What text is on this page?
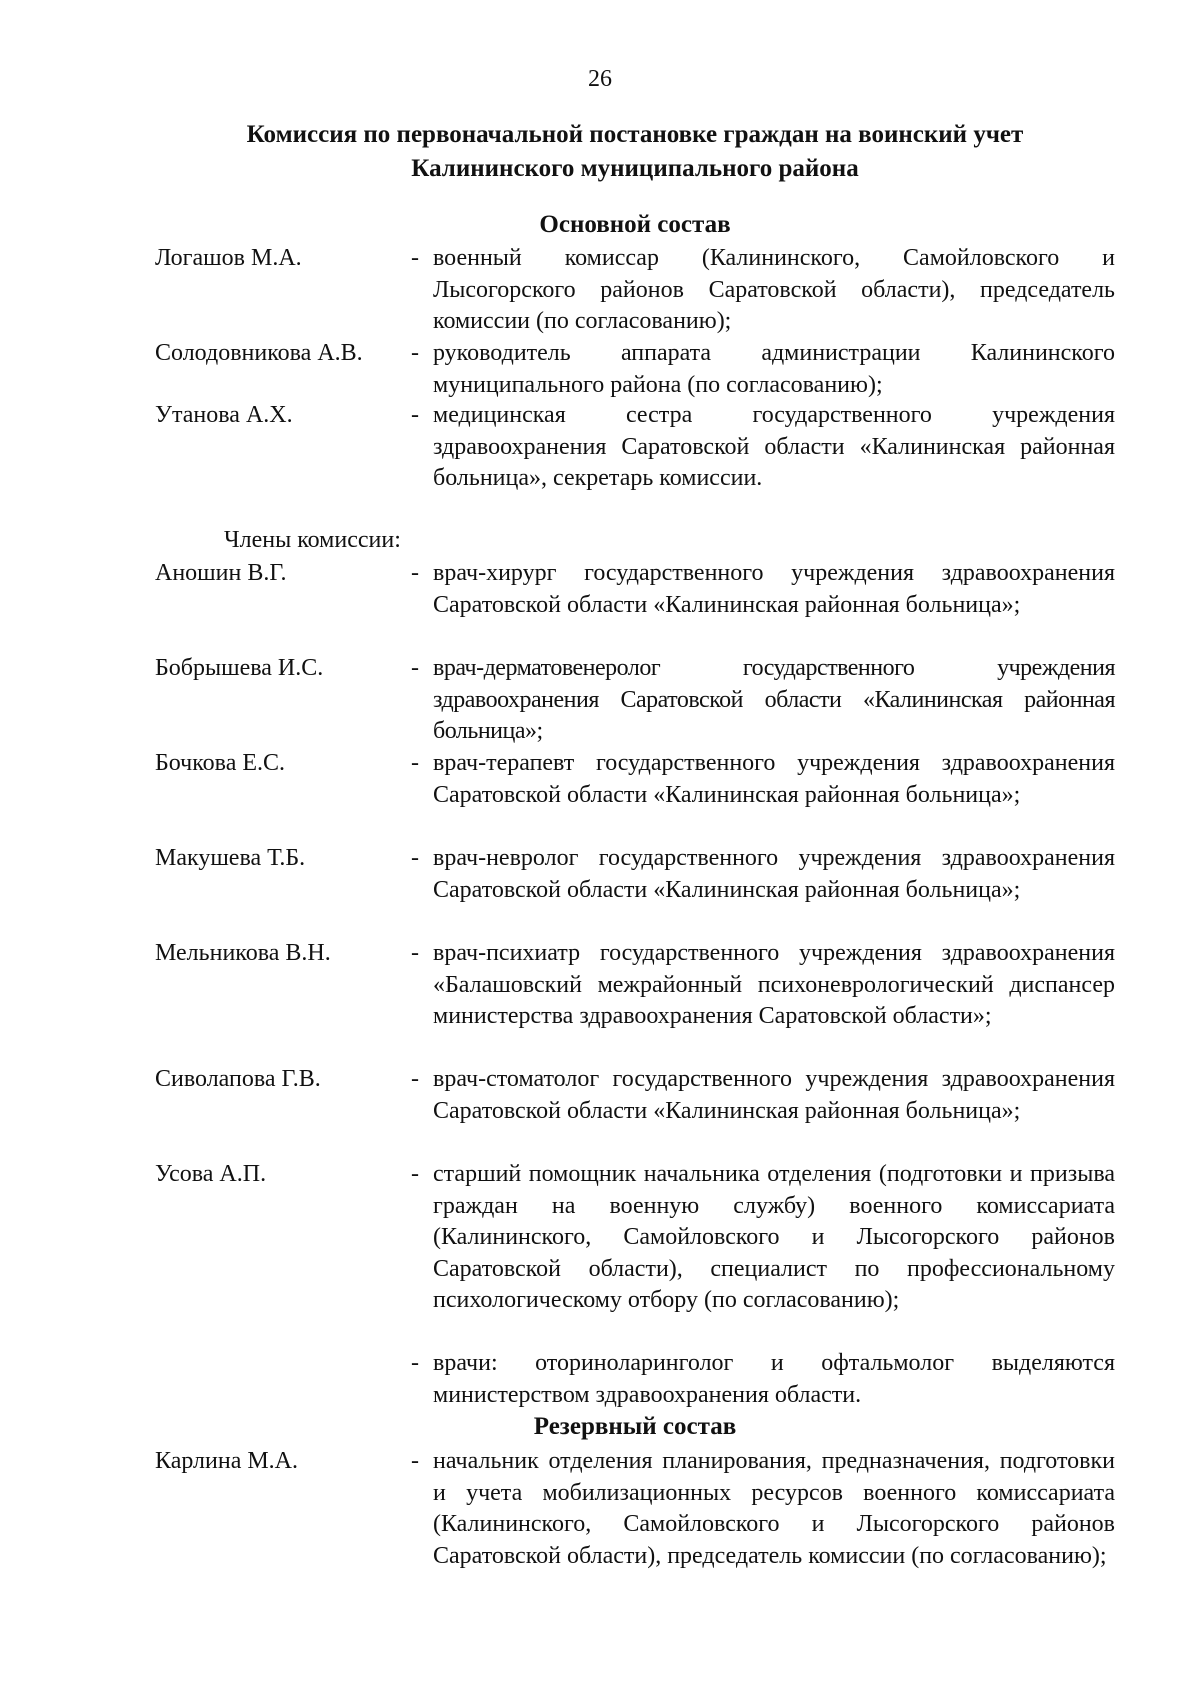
26
Комиссия по первоначальной постановке граждан на воинский учет
Калининского муниципального района
Основной состав
Логашов М.А.	- военный комиссар (Калининского, Самойловского и Лысогорского районов Саратовской области), председатель комиссии (по согласованию);
Солодовникова А.В. - руководитель аппарата администрации Калининского муниципального района (по согласованию);
Утанова А.Х.	- медицинская сестра государственного учреждения здравоохранения Саратовской области «Калининская районная больница», секретарь комиссии.
Члены комиссии:
Аношин В.Г.	- врач-хирург государственного учреждения здравоохранения Саратовской области «Калининская районная больница»;
Бобрышева И.С.	- врач-дерматовенеролог государственного учреждения здравоохранения Саратовской области «Калининская районная больница»;
Бочкова Е.С.	- врач-терапевт государственного учреждения здравоохранения Саратовской области «Калининская районная больница»;
Макушева Т.Б.	- врач-невролог государственного учреждения здравоохранения Саратовской области «Калининская районная больница»;
Мельникова В.Н.	- врач-психиатр государственного учреждения здравоохранения «Балашовский межрайонный психоневрологический диспансер министерства здравоохранения Саратовской области»;
Сиволапова Г.В.	- врач-стоматолог государственного учреждения здравоохранения Саратовской области «Калининская районная больница»;
Усова А.П.	- старший помощник начальника отделения (подготовки и призыва граждан на военную службу) военного комиссариата (Калининского, Самойловского и Лысогорского районов Саратовской области), специалист по профессиональному психологическому отбору (по согласованию);
- врачи: оториноларинголог и офтальмолог выделяются министерством здравоохранения области.
Резервный состав
Карлина М.А.	- начальник отделения планирования, предназначения, подготовки и учета мобилизационных ресурсов военного комиссариата (Калининского, Самойловского и Лысогорского районов Саратовской области), председатель комиссии (по согласованию);
